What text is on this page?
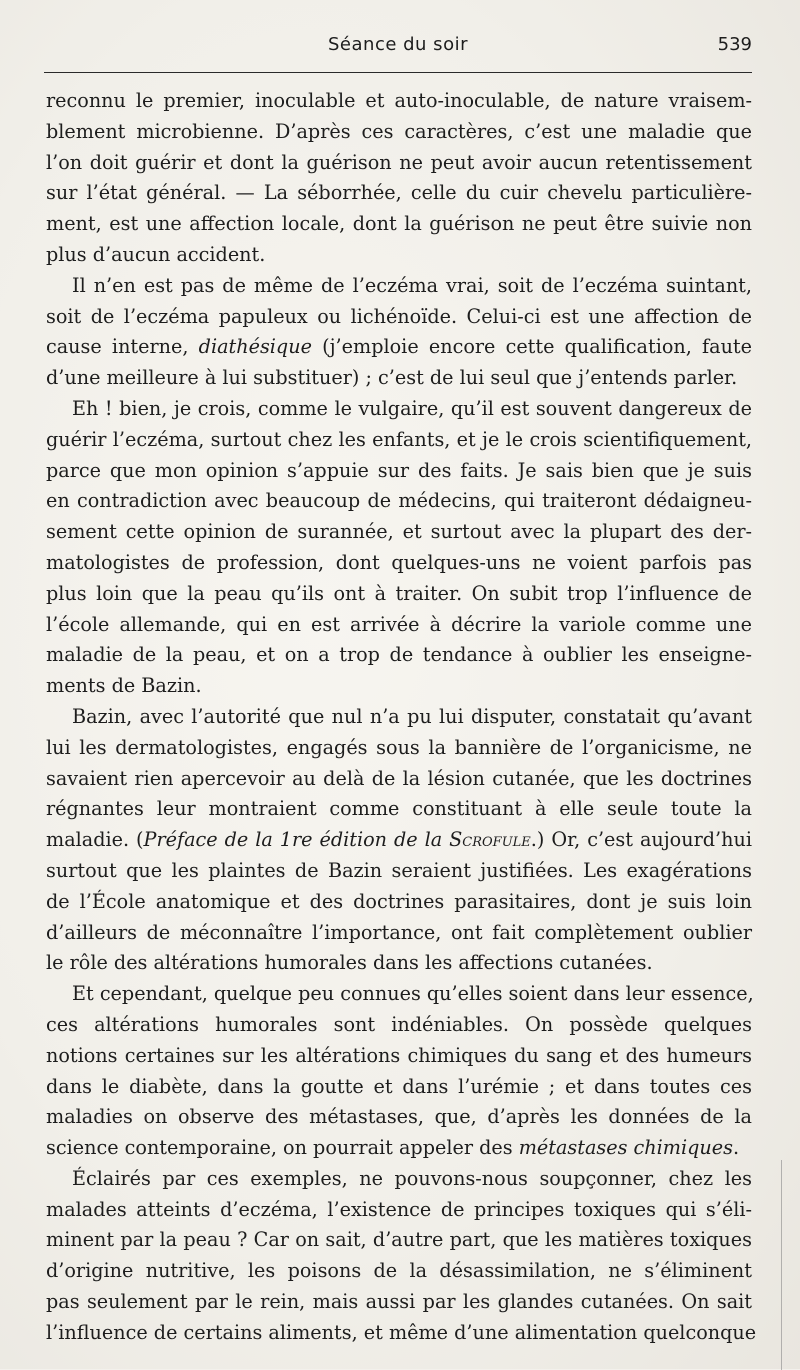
Séance du soir	539
reconnu le premier, inoculable et auto-inoculable, de nature vraisem-
blement microbienne. D’après ces caractères, c’est une maladie que
l’on doit guérir et dont la guérison ne peut avoir aucun retentissement
sur l’état général. — La séborrhée, celle du cuir chevelu particulière-
ment, est une affection locale, dont la guérison ne peut être suivie non
plus d’aucun accident.
Il n’en est pas de même de l’eczéma vrai, soit de l’eczéma suintant,
soit de l’eczéma papuleux ou lichénoïde. Celui-ci est une affection de
cause interne, diathésique (j’emploie encore cette qualification, faute
d’une meilleure à lui substituer) ; c’est de lui seul que j’entends parler.
Eh ! bien, je crois, comme le vulgaire, qu’il est souvent dangereux de
guérir l’eczéma, surtout chez les enfants, et je le crois scientifiquement,
parce que mon opinion s’appuie sur des faits. Je sais bien que je suis
en contradiction avec beaucoup de médecins, qui traiteront dédaigneu-
sement cette opinion de surannée, et surtout avec la plupart des der-
matologistes de profession, dont quelques-uns ne voient parfois pas
plus loin que la peau qu’ils ont à traiter. On subit trop l’influence de
l’école allemande, qui en est arrivée à décrire la variole comme une
maladie de la peau, et on a trop de tendance à oublier les enseigne-
ments de Bazin.
Bazin, avec l’autorité que nul n’a pu lui disputer, constatait qu’avant
lui les dermatologistes, engagés sous la bannière de l’organicisme, ne
savaient rien apercevoir au delà de la lésion cutanée, que les doctrines
régnantes leur montraient comme constituant à elle seule toute la
maladie. (Préface de la 1re édition de la Scrofule.) Or, c’est aujourd’hui
surtout que les plaintes de Bazin seraient justifiées. Les exagérations
de l’École anatomique et des doctrines parasitaires, dont je suis loin
d’ailleurs de méconnaître l’importance, ont fait complètement oublier
le rôle des altérations humorales dans les affections cutanées.
Et cependant, quelque peu connues qu’elles soient dans leur essence,
ces altérations humorales sont indéniables. On possède quelques
notions certaines sur les altérations chimiques du sang et des humeurs
dans le diabète, dans la goutte et dans l’urémie ; et dans toutes ces
maladies on observe des métastases, que, d’après les données de la
science contemporaine, on pourrait appeler des métastases chimiques.
Éclairés par ces exemples, ne pouvons-nous soupçonner, chez les
malades atteints d’eczéma, l’existence de principes toxiques qui s’éli-
minent par la peau ? Car on sait, d’autre part, que les matières toxiques
d’origine nutritive, les poisons de la désassimilation, ne s’éliminent
pas seulement par le rein, mais aussi par les glandes cutanées. On sait
l’influence de certains aliments, et même d’une alimentation quelconque
